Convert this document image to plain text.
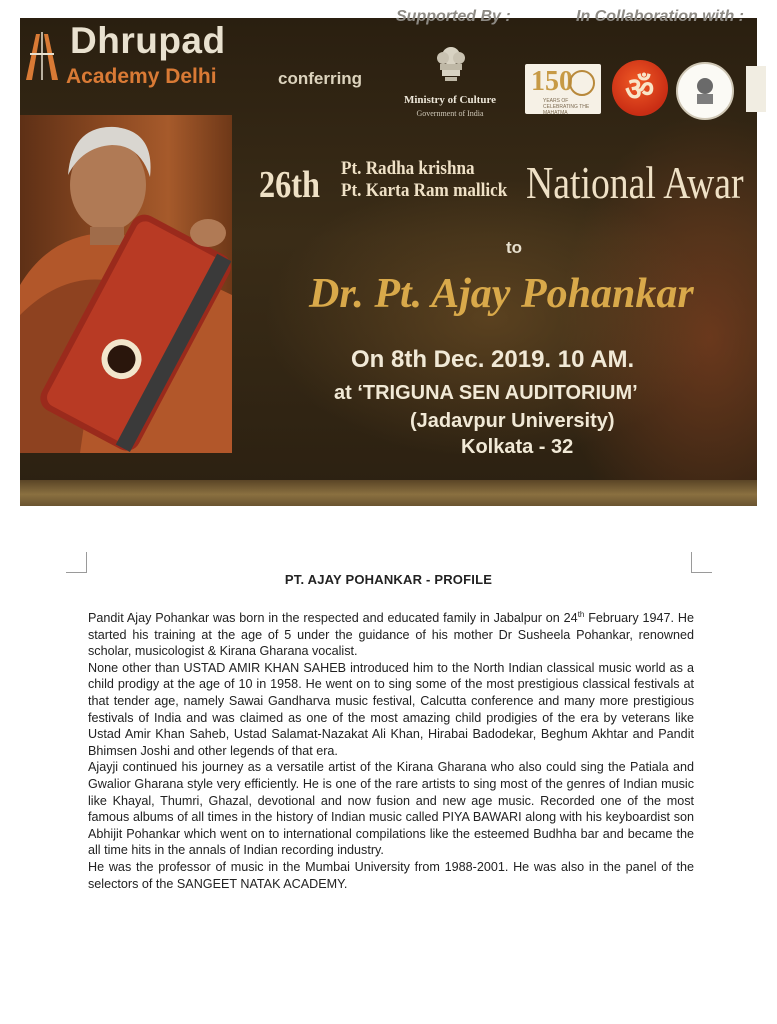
Dhrupad
Academy Delhi	conferring
Supported By :	In Collaboration with :
Ministry of Culture
Government of India
150
YEARS OF CELEBRATING THE MAHATMA
ॐ
26th Pt. Radha krishna
Pt. Karta Ram mallick National Awar
to
Dr. Pt. Ajay Pohankar
On 8th Dec. 2019. 10 AM.
at ‘TRIGUNA SEN AUDITORIUM’
(Jadavpur University)
Kolkata - 32
PT. AJAY POHANKAR - PROFILE

Pandit Ajay Pohankar was born in the respected and educated family in Jabalpur on 24th February 1947. He started his training at the age of 5 under the guidance of his mother Dr Susheela Pohankar, renowned scholar, musicologist & Kirana Gharana vocalist.

None other than USTAD AMIR KHAN SAHEB introduced him to the North Indian classical music world as a child prodigy at the age of 10 in 1958. He went on to sing some of the most prestigious classical festivals at that tender age, namely Sawai Gandharva music festival, Calcutta conference and many more prestigious festivals of India and was claimed as one of the most amazing child prodigies of the era by veterans like Ustad Amir Khan Saheb, Ustad Salamat-Nazakat Ali Khan, Hirabai Badodekar, Beghum Akhtar and Pandit Bhimsen Joshi and other legends of that era.

Ajayji continued his journey as a versatile artist of the Kirana Gharana who also could sing the Patiala and Gwalior Gharana style very efficiently. He is one of the rare artists to sing most of the genres of Indian music like Khayal, Thumri, Ghazal, devotional and now fusion and new age music. Recorded one of the most famous albums of all times in the history of Indian music called PIYA BAWARI along with his keyboardist son Abhijit Pohankar which went on to international compilations like the esteemed Budhha bar and became the all time hits in the annals of Indian recording industry.

He was the professor of music in the Mumbai University from 1988-2001. He was also in the panel of the selectors of the SANGEET NATAK ACADEMY.
